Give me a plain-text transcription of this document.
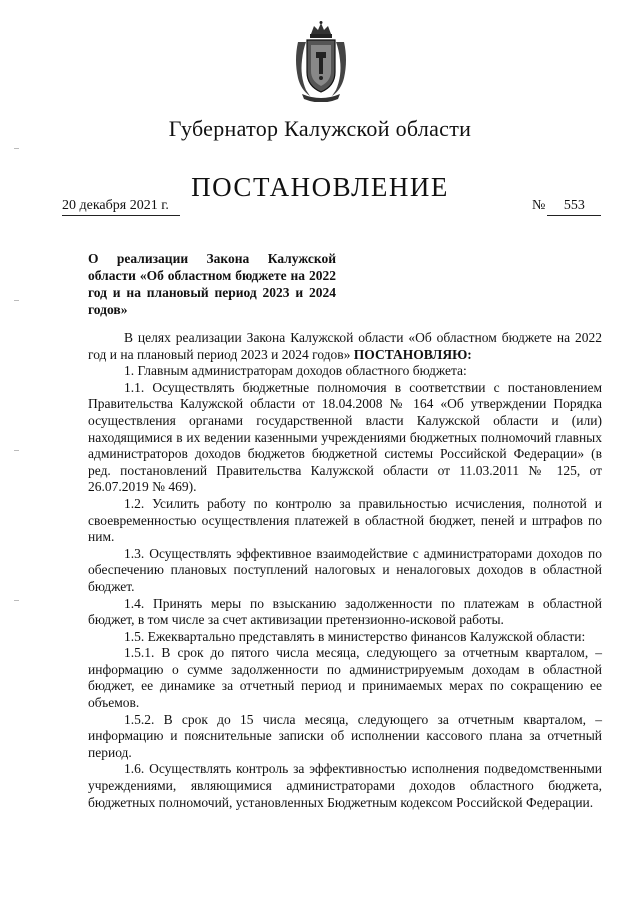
Губернатор Калужской области
ПОСТАНОВЛЕНИЕ
20 декабря 2021 г.	№ 553
О реализации Закона Калужской области «Об областном бюджете на 2022 год и на плановый период 2023 и 2024 годов»

В целях реализации Закона Калужской области «Об областном бюджете на 2022 год и на плановый период 2023 и 2024 годов» ПОСТАНОВЛЯЮ:

1. Главным администраторам доходов областного бюджета:

1.1. Осуществлять бюджетные полномочия в соответствии с постановлением Правительства Калужской области от 18.04.2008 № 164 «Об утверждении Порядка осуществления органами государственной власти Калужской области и (или) находящимися в их ведении казенными учреждениями бюджетных полномочий главных администраторов доходов бюджетов бюджетной системы Российской Федерации» (в ред. постановлений Правительства Калужской области от 11.03.2011 № 125, от 26.07.2019 № 469).

1.2. Усилить работу по контролю за правильностью исчисления, полнотой и своевременностью осуществления платежей в областной бюджет, пеней и штрафов по ним.

1.3. Осуществлять эффективное взаимодействие с администраторами доходов по обеспечению плановых поступлений налоговых и неналоговых доходов в областной бюджет.

1.4. Принять меры по взысканию задолженности по платежам в областной бюджет, в том числе за счет активизации претензионно-исковой работы.

1.5. Ежеквартально представлять в министерство финансов Калужской области:

1.5.1. В срок до пятого числа месяца, следующего за отчетным кварталом, – информацию о сумме задолженности по администрируемым доходам в областной бюджет, ее динамике за отчетный период и принимаемых мерах по сокращению ее объемов.

1.5.2. В срок до 15 числа месяца, следующего за отчетным кварталом, – информацию и пояснительные записки об исполнении кассового плана за отчетный период.

1.6. Осуществлять контроль за эффективностью исполнения подведомственными учреждениями, являющимися администраторами доходов областного бюджета, бюджетных полномочий, установленных Бюджетным кодексом Российской Федерации.
